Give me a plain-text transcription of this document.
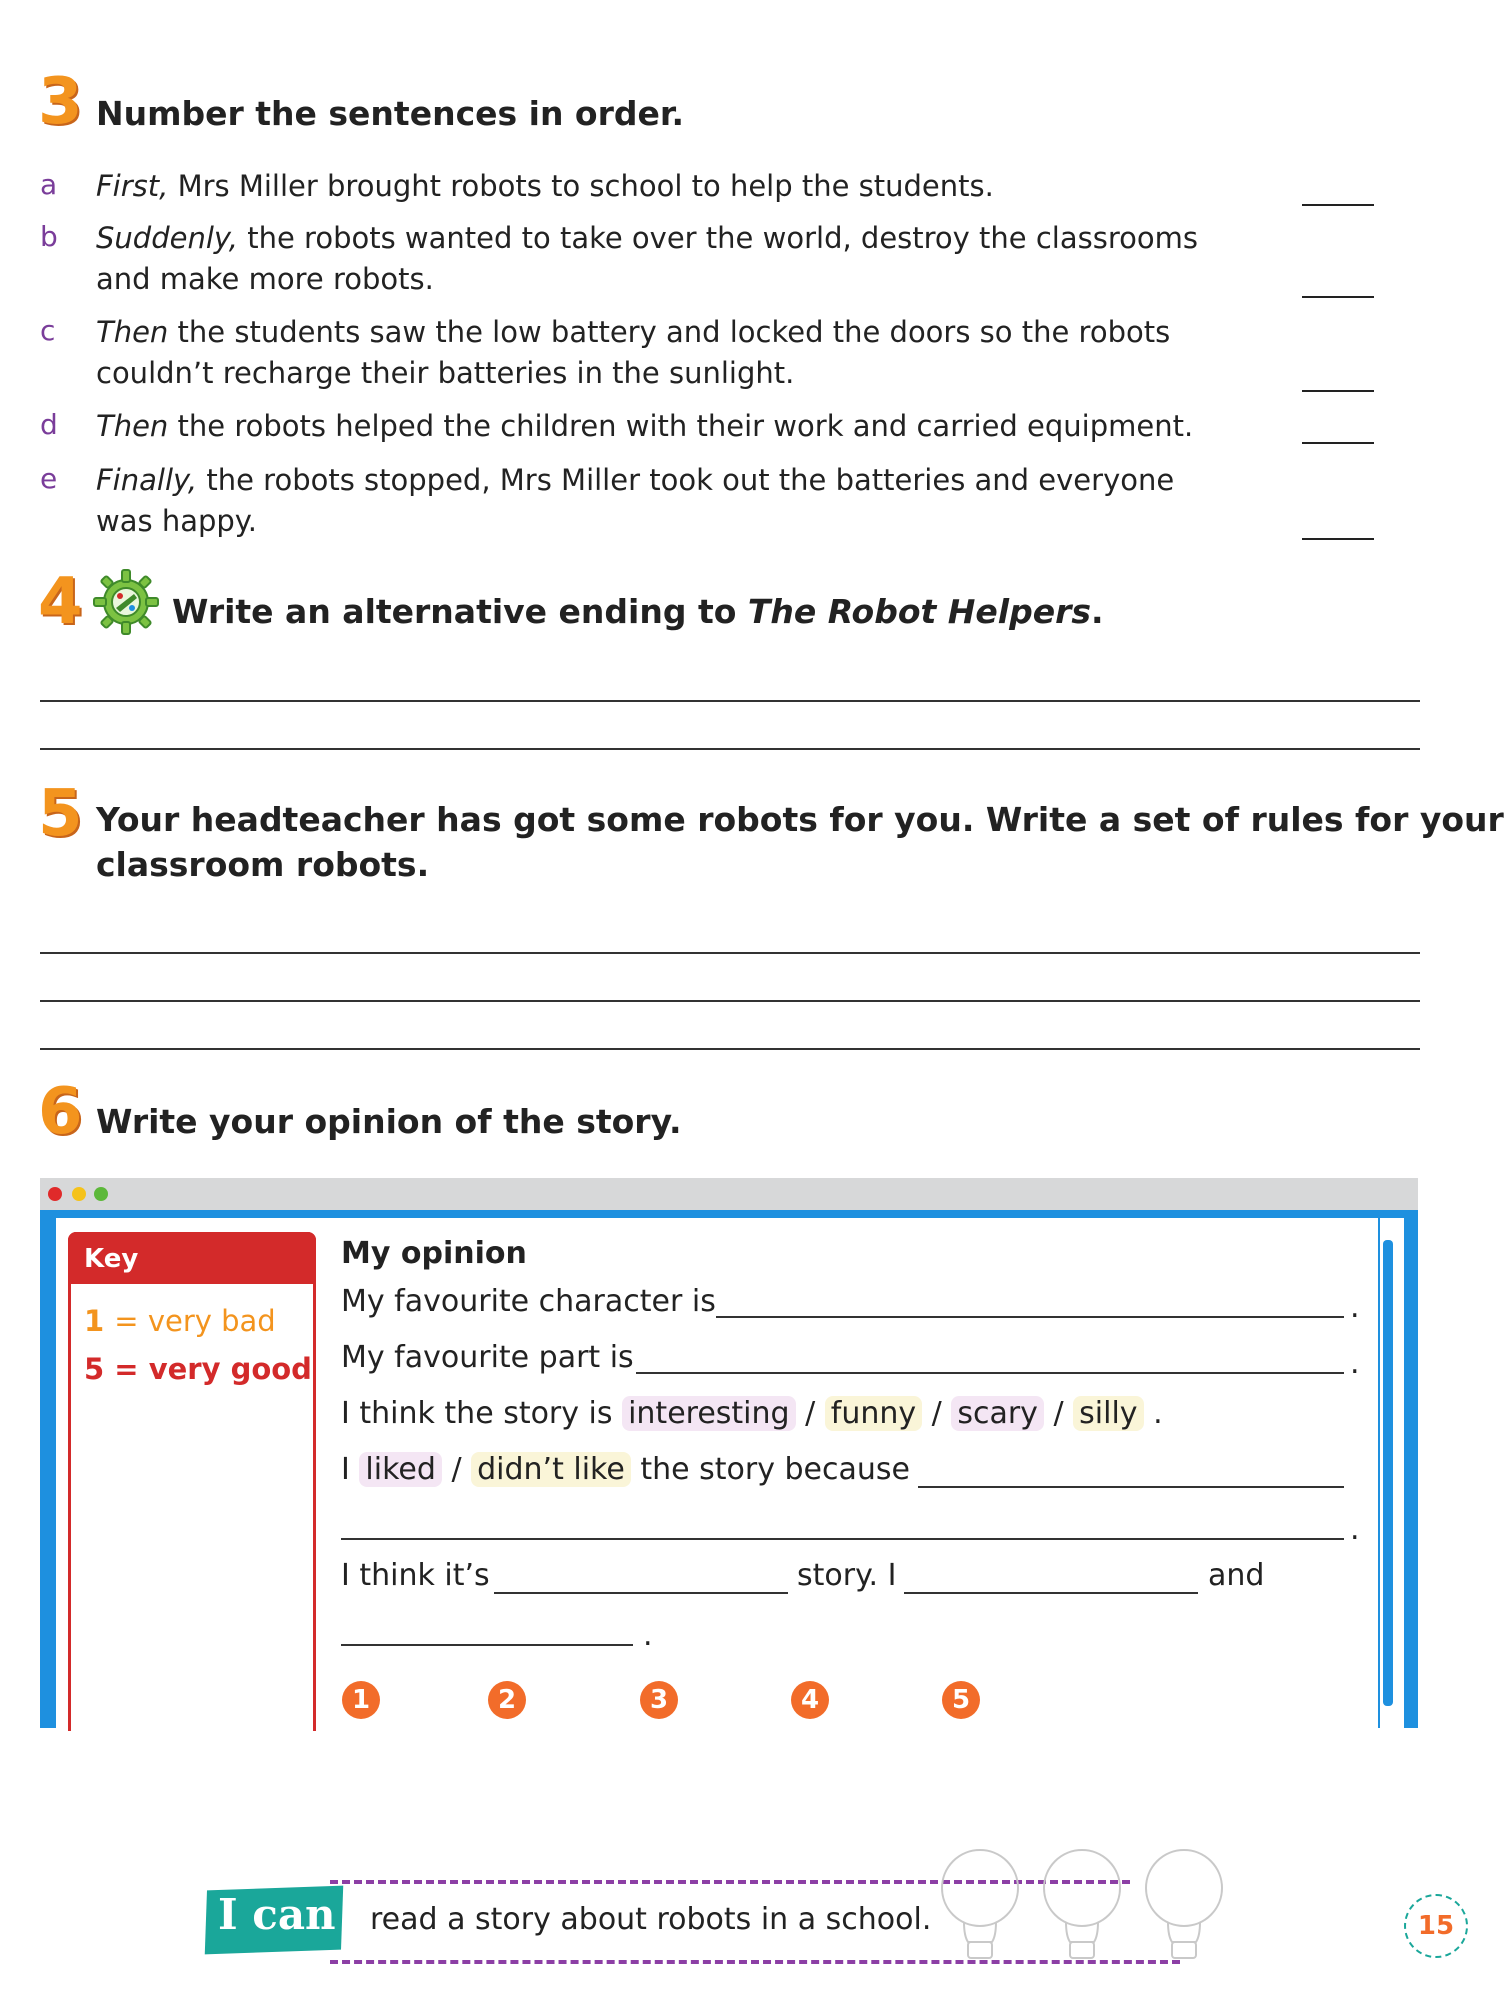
3 Number the sentences in order.
a First, Mrs Miller brought robots to school to help the students.
b Suddenly, the robots wanted to take over the world, destroy the classrooms
and make more robots.
c Then the students saw the low battery and locked the doors so the robots
couldn’t recharge their batteries in the sunlight.
d Then the robots helped the children with their work and carried equipment.
e Finally, the robots stopped, Mrs Miller took out the batteries and everyone
was happy.
4	Write an alternative ending to The Robot Helpers.
5 Your headteacher has got some robots for you. Write a set of rules for your
classroom robots.
6 Write your opinion of the story.
Key
1 = very bad
5 = very good
My opinion
My favourite character is	.
My favourite part is	.
I think the story is interesting / funny / scary / silly .
I liked / didn’t like the story because
.
I think it’s	story. I	and
.
1	2	3	4	5
I can read a story about robots in a school.	15
